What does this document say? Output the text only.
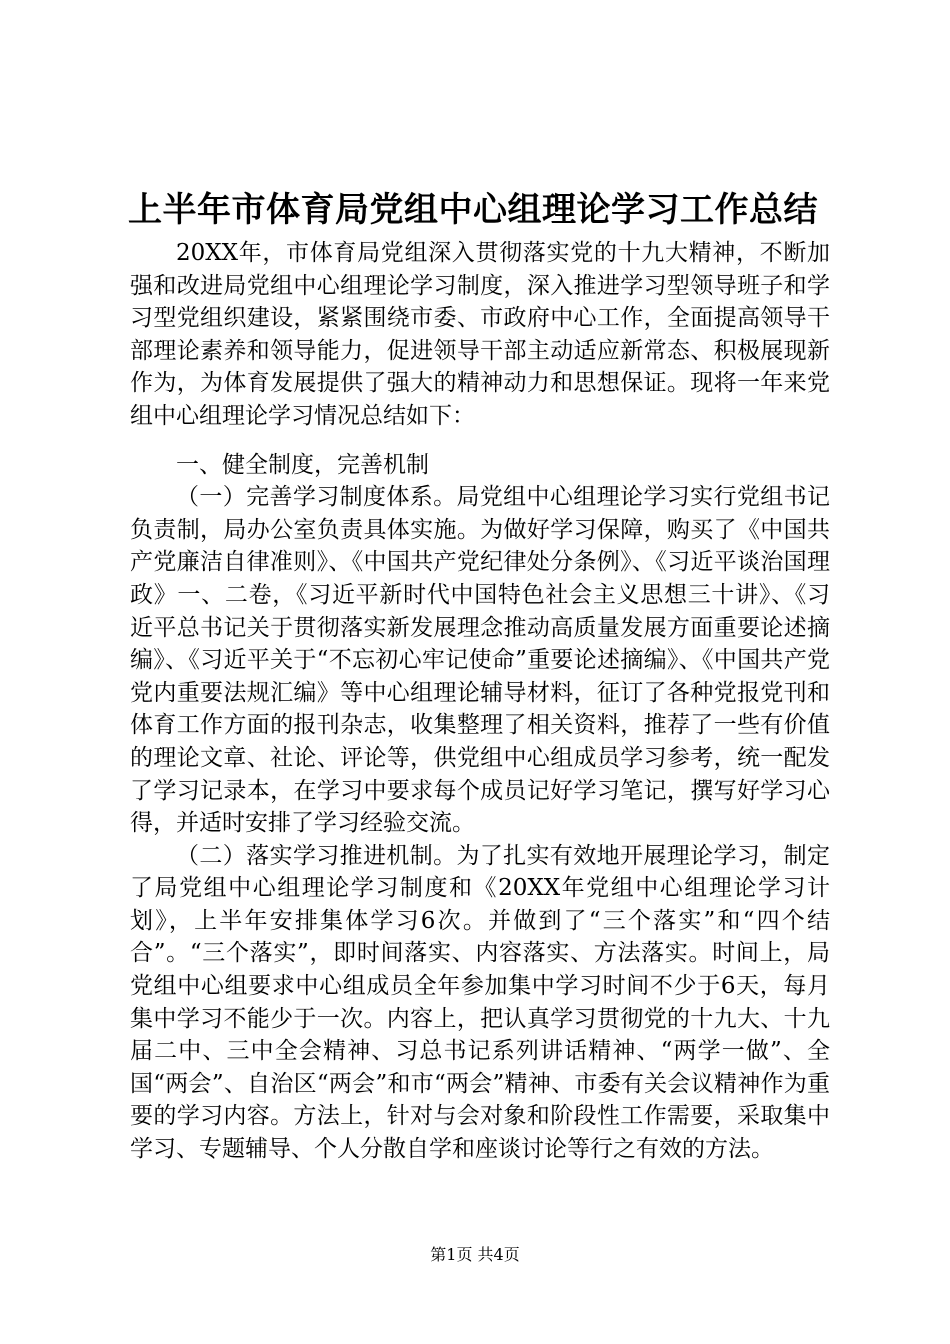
上半年市体育局党组中心组理论学习工作总结

20XX年，市体育局党组深入贯彻落实党的十九大精神，不断加强和改进局党组中心组理论学习制度，深入推进学习型领导班子和学习型党组织建设，紧紧围绕市委、市政府中心工作，全面提高领导干部理论素养和领导能力，促进领导干部主动适应新常态、积极展现新作为，为体育发展提供了强大的精神动力和思想保证。现将一年来党组中心组理论学习情况总结如下：

一、健全制度，完善机制

（一）完善学习制度体系。局党组中心组理论学习实行党组书记负责制，局办公室负责具体实施。为做好学习保障，购买了《中国共产党廉洁自律准则》、《中国共产党纪律处分条例》、《习近平谈治国理政》一、二卷，《习近平新时代中国特色社会主义思想三十讲》、《习近平总书记关于贯彻落实新发展理念推动高质量发展方面重要论述摘编》、《习近平关于“不忘初心牢记使命”重要论述摘编》、《中国共产党党内重要法规汇编》等中心组理论辅导材料，征订了各种党报党刊和体育工作方面的报刊杂志，收集整理了相关资料，推荐了一些有价值的理论文章、社论、评论等，供党组中心组成员学习参考，统一配发了学习记录本，在学习中要求每个成员记好学习笔记，撰写好学习心得，并适时安排了学习经验交流。

（二）落实学习推进机制。为了扎实有效地开展理论学习，制定了局党组中心组理论学习制度和《20XX年党组中心组理论学习计划》，上半年安排集体学习6次。并做到了“三个落实”和“四个结合”。“三个落实”，即时间落实、内容落实、方法落实。时间上，局党组中心组要求中心组成员全年参加集中学习时间不少于6天，每月集中学习不能少于一次。内容上，把认真学习贯彻党的十九大、十九届二中、三中全会精神、习总书记系列讲话精神、“两学一做”、全国“两会”、自治区“两会”和市“两会”精神、市委有关会议精神作为重要的学习内容。方法上，针对与会对象和阶段性工作需要，采取集中学习、专题辅导、个人分散自学和座谈讨论等行之有效的方法。

第1页 共4页
